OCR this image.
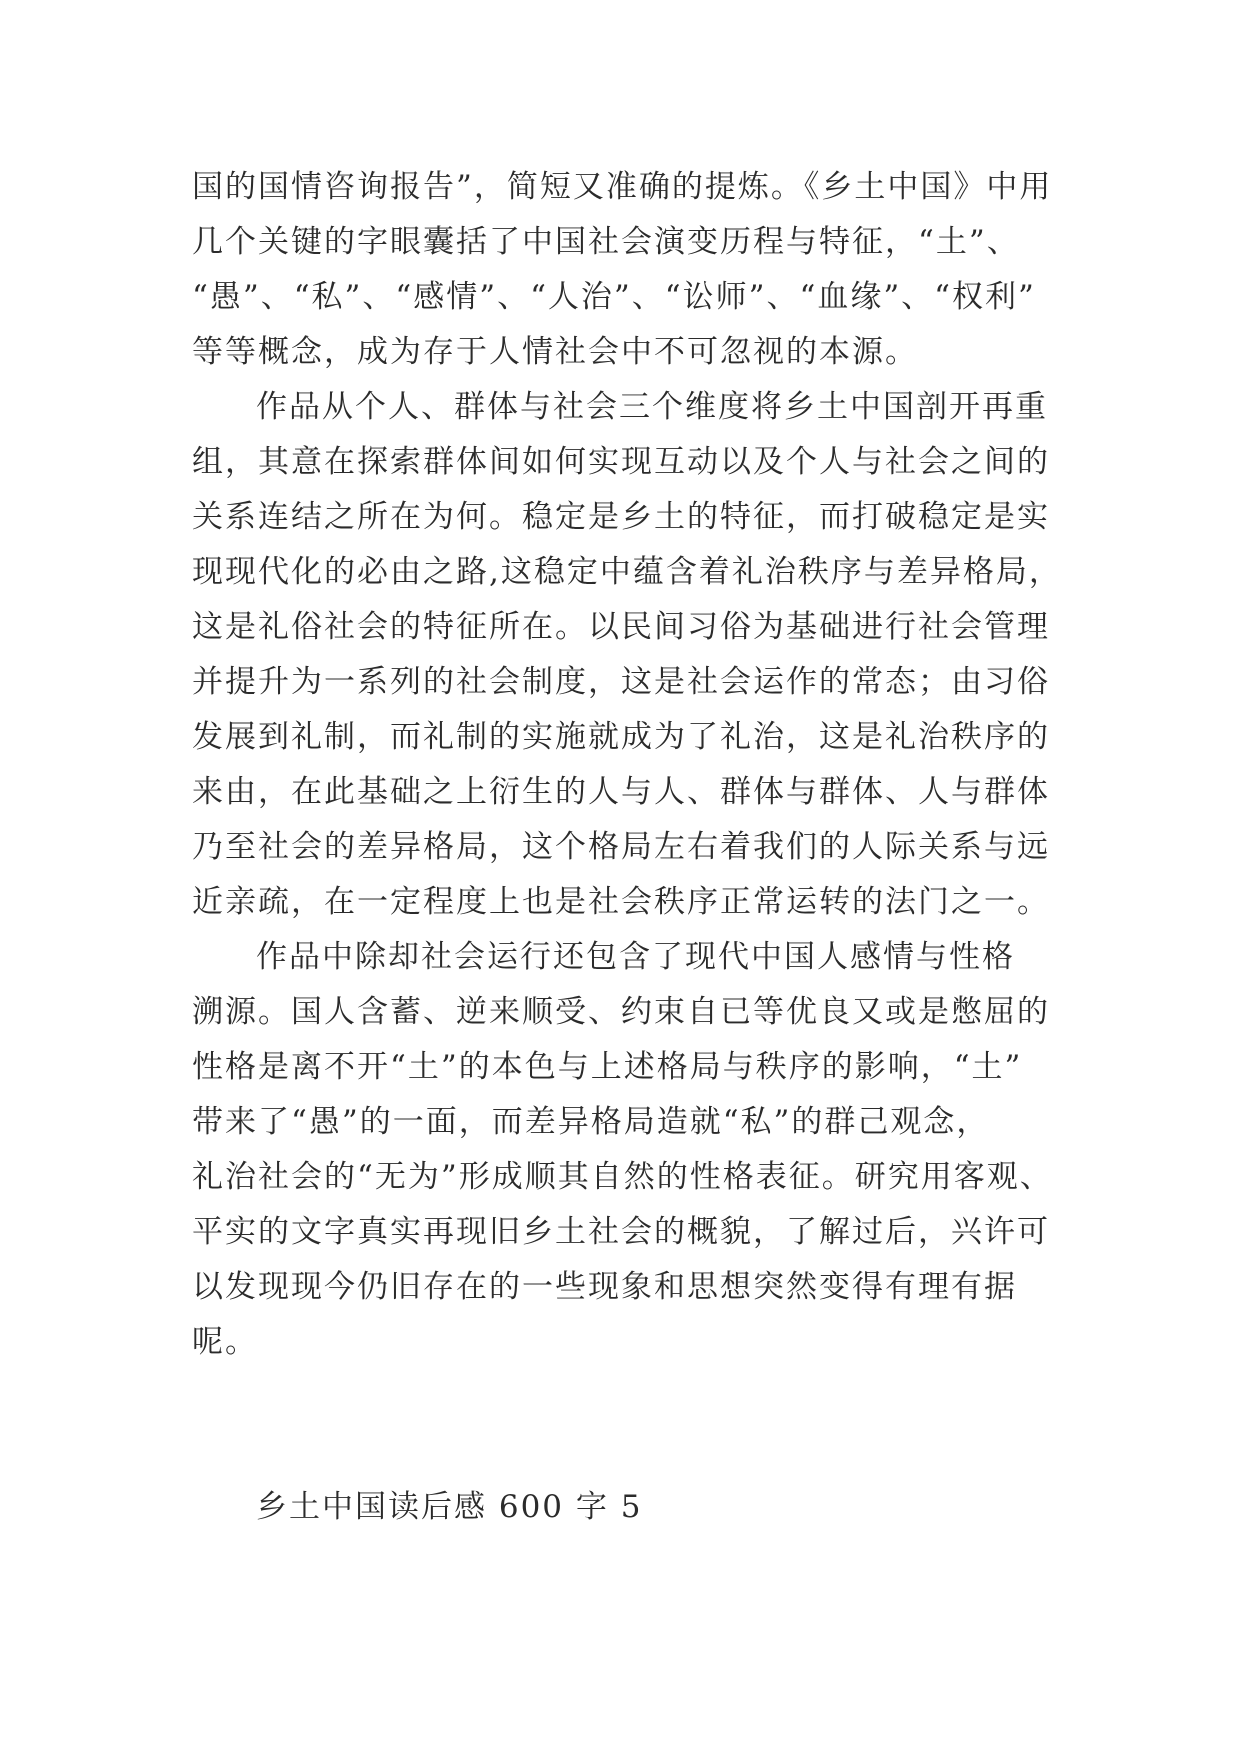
国的国情咨询报告”，简短又准确的提炼。《乡土中国》中用
几个关键的字眼囊括了中国社会演变历程与特征，“土”、
“愚”、“私”、“感情”、“人治”、“讼师”、“血缘”、“权利”
等等概念，成为存于人情社会中不可忽视的本源。
作品从个人、群体与社会三个维度将乡土中国剖开再重
组，其意在探索群体间如何实现互动以及个人与社会之间的
关系连结之所在为何。稳定是乡土的特征，而打破稳定是实
现现代化的必由之路,这稳定中蕴含着礼治秩序与差异格局，
这是礼俗社会的特征所在。以民间习俗为基础进行社会管理
并提升为一系列的社会制度，这是社会运作的常态；由习俗
发展到礼制，而礼制的实施就成为了礼治，这是礼治秩序的
来由，在此基础之上衍生的人与人、群体与群体、人与群体
乃至社会的差异格局，这个格局左右着我们的人际关系与远
近亲疏，在一定程度上也是社会秩序正常运转的法门之一。
作品中除却社会运行还包含了现代中国人感情与性格
溯源。国人含蓄、逆来顺受、约束自已等优良又或是憋屈的
性格是离不开“土”的本色与上述格局与秩序的影响，“土”
带来了“愚”的一面，而差异格局造就“私”的群己观念，
礼治社会的“无为”形成顺其自然的性格表征。研究用客观、
平实的文字真实再现旧乡土社会的概貌，了解过后，兴许可
以发现现今仍旧存在的一些现象和思想突然变得有理有据
呢。
乡土中国读后感 600 字 5
